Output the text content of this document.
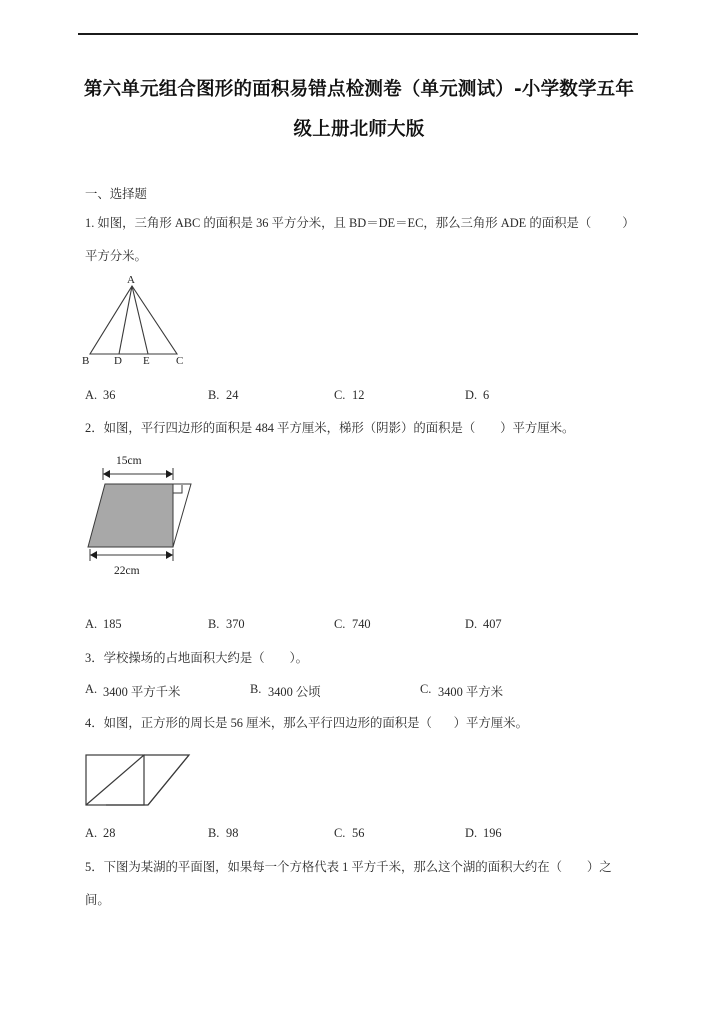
第六单元组合图形的面积易错点检测卷（单元测试）-小学数学五年级上册北师大版
一、选择题
1. 如图，三角形 ABC 的面积是 36 平方分米，且 BD＝DE＝EC，那么三角形 ADE 的面积是（          ）
平方分米。
A
B D E C
A. 36	B. 24	C. 12	D. 6
2．如图，平行四边形的面积是 484 平方厘米，梯形（阴影）的面积是（        ）平方厘米。
15cm
22cm
A. 185	B. 370	C. 740	D. 407
3．学校操场的占地面积大约是（        ）。
A. 3400 平方千米	B. 3400 公顷	C. 3400 平方米
4．如图，正方形的周长是 56 厘米，那么平行四边形的面积是（       ）平方厘米。
A. 28	B. 98	C. 56	D. 196
5．下图为某湖的平面图，如果每一个方格代表 1 平方千米，那么这个湖的面积大约在（        ）之
间。
